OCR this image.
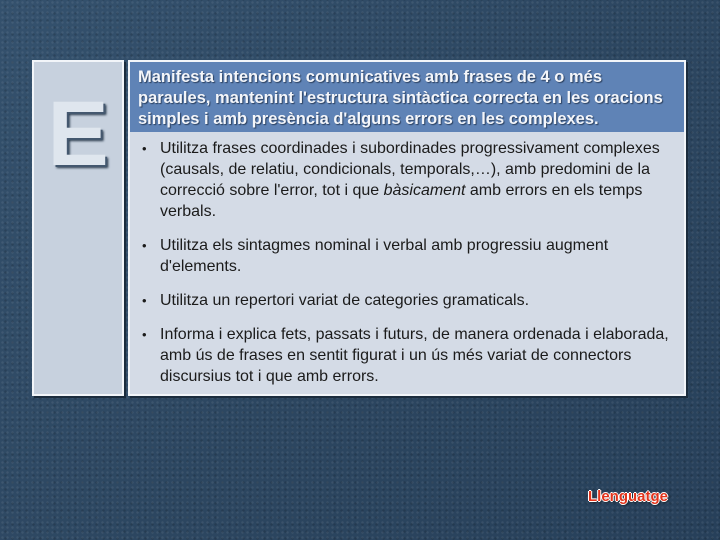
E
Manifesta intencions comunicatives amb frases de 4 o més paraules, mantenint l'estructura sintàctica correcta en les oracions simples i amb presència d'alguns errors en les complexes.
• Utilitza frases coordinades i subordinades progressivament complexes (causals, de relatiu, condicionals, temporals,…), amb predomini de la correcció sobre l'error, tot i que bàsicament amb errors en els temps verbals.
• Utilitza els sintagmes nominal i verbal amb progressiu augment d'elements.
• Utilitza un repertori variat de categories gramaticals.
• Informa i explica fets, passats i futurs, de manera ordenada i elaborada, amb ús de frases en sentit figurat i un ús més variat de connectors discursius tot i que amb errors.
Llenguatge
